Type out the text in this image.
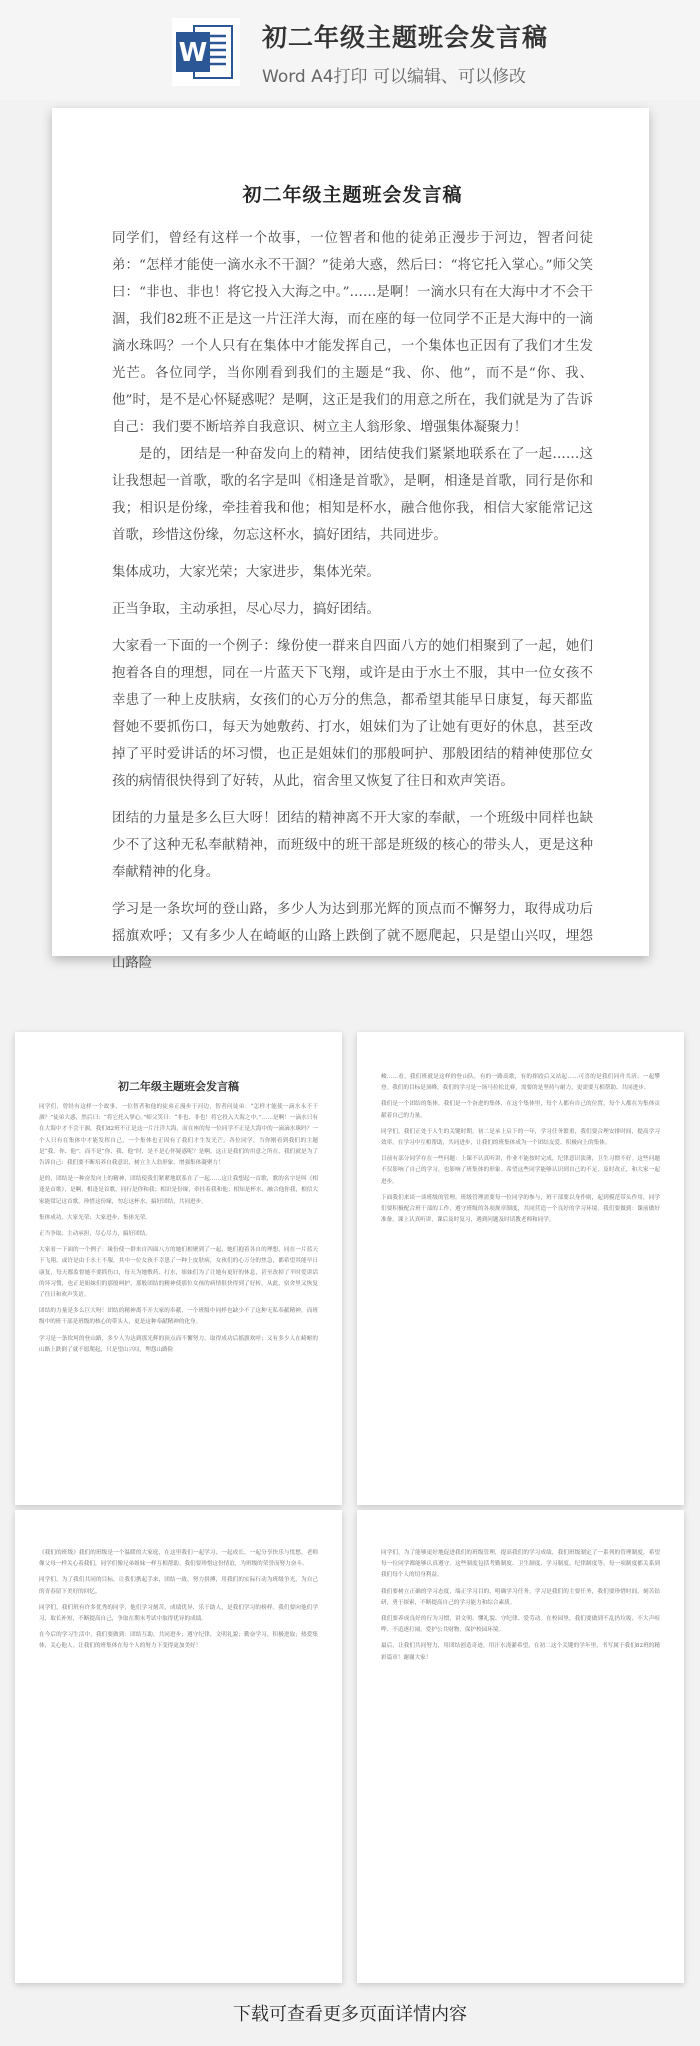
W
初二年级主题班会发言稿
Word A4打印 可以编辑、可以修改
初二年级主题班会发言稿

同学们，曾经有这样一个故事，一位智者和他的徒弟正漫步于河边，智者问徒弟：“怎样才能使一滴水永不干涸？”徒弟大惑，然后曰：“将它托入掌心。”师父笑曰：“非也、非也！将它投入大海之中。”……是啊！一滴水只有在大海中才不会干涸，我们82班不正是这一片汪洋大海，而在座的每一位同学不正是大海中的一滴滴水珠吗？一个人只有在集体中才能发挥自己，一个集体也正因有了我们才生发光芒。各位同学，当你刚看到我们的主题是“我、你、他”，而不是“你、我、他”时，是不是心怀疑惑呢？是啊，这正是我们的用意之所在，我们就是为了告诉自己：我们要不断培养自我意识、树立主人翁形象、增强集体凝聚力！

是的，团结是一种奋发向上的精神，团结使我们紧紧地联系在了一起……这让我想起一首歌，歌的名字是叫《相逢是首歌》，是啊，相逢是首歌，同行是你和我；相识是份缘，牵挂着我和他；相知是杯水，融合他你我，相信大家能常记这首歌，珍惜这份缘，勿忘这杯水，搞好团结，共同进步。

集体成功，大家光荣；大家进步，集体光荣。

正当争取，主动承担，尽心尽力，搞好团结。

大家看一下面的一个例子：缘份使一群来自四面八方的她们相聚到了一起，她们抱着各自的理想，同在一片蓝天下飞翔，或许是由于水土不服，其中一位女孩不幸患了一种上皮肤病，女孩们的心万分的焦急，都希望其能早日康复，每天都监督她不要抓伤口，每天为她敷药、打水，姐妹们为了让她有更好的休息，甚至改掉了平时爱讲话的坏习惯，也正是姐妹们的那般呵护、那般团结的精神使那位女孩的病情很快得到了好转，从此，宿舍里又恢复了往日和欢声笑语。

团结的力量是多么巨大呀！团结的精神离不开大家的奉献，一个班级中同样也缺少不了这种无私奉献精神，而班级中的班干部是班级的核心的带头人，更是这种奉献精神的化身。

学习是一条坎坷的登山路，多少人为达到那光辉的顶点而不懈努力，取得成功后摇旗欢呼；又有多少人在崎岖的山路上跌倒了就不愿爬起，只是望山兴叹，埋怨山路险

初二年级主题班会发言稿

同学们，曾经有这样一个故事，一位智者和他的徒弟正漫步于河边，智者问徒弟：“怎样才能使一滴水永不干涸？”徒弟大惑，然后曰：“将它托入掌心。”师父笑曰：“非也、非也！将它投入大海之中。”……是啊！一滴水只有在大海中才不会干涸，我们82班不正是这一片汪洋大海，而在座的每一位同学不正是大海中的一滴滴水珠吗？一个人只有在集体中才能发挥自己，一个集体也正因有了我们才生发光芒。各位同学，当你刚看到我们的主题是“我、你、他”，而不是“你、我、他”时，是不是心怀疑惑呢？是啊，这正是我们的用意之所在，我们就是为了告诉自己：我们要不断培养自我意识、树立主人翁形象、增强集体凝聚力！

是的，团结是一种奋发向上的精神，团结使我们紧紧地联系在了一起……这让我想起一首歌，歌的名字是叫《相逢是首歌》，是啊，相逢是首歌，同行是你和我；相识是份缘，牵挂着我和他；相知是杯水，融合他你我，相信大家能常记这首歌，珍惜这份缘，勿忘这杯水，搞好团结，共同进步。

集体成功，大家光荣；大家进步，集体光荣。

正当争取，主动承担，尽心尽力，搞好团结。

大家看一下面的一个例子：缘份使一群来自四面八方的她们相聚到了一起，她们抱着各自的理想，同在一片蓝天下飞翔，或许是由于水土不服，其中一位女孩不幸患了一种上皮肤病，女孩们的心万分的焦急，都希望其能早日康复，每天都监督她不要抓伤口，每天为她敷药、打水，姐妹们为了让她有更好的休息，甚至改掉了平时爱讲话的坏习惯，也正是姐妹们的那般呵护、那般团结的精神使那位女孩的病情很快得到了好转，从此，宿舍里又恢复了往日和欢声笑语。

团结的力量是多么巨大呀！团结的精神离不开大家的奉献，一个班级中同样也缺少不了这种无私奉献精神，而班级中的班干部是班级的核心的带头人，更是这种奉献精神的化身。

学习是一条坎坷的登山路，多少人为达到那光辉的顶点而不懈努力，取得成功后摇旗欢呼；又有多少人在崎岖的山路上跌倒了就不愿爬起，只是望山兴叹，埋怨山路险

峻……看，我们班就是这样的登山队，有的一路高歌，有的摔跤后又站起……可喜的是我们同舟共济、一起攀登。我们的目标是顶峰，我们的学习是一场马拉松比赛，需要的是坚持与耐力，更需要互相帮助、共同进步。

我们是一个团结的集体，我们是一个奋进的集体，在这个集体里，每个人都有自己的位置，每个人都在为集体贡献着自己的力量。

同学们，我们正处于人生的关键时期，初二是承上启下的一年，学习任务繁重，我们要合理安排时间，提高学习效率，在学习中互相帮助，共同进步，让我们的班集体成为一个团结友爱、积极向上的集体。

目前有部分同学存在一些问题：上课不认真听讲，作业不能按时完成，纪律意识淡薄，卫生习惯不好。这些问题不仅影响了自己的学习，也影响了班集体的形象。希望这些同学能够认识到自己的不足，及时改正，和大家一起进步。

下面我们来谈一谈班级的管理。班级管理需要每一位同学的参与，班干部要以身作则，起到模范带头作用，同学们要积极配合班干部的工作，遵守班级的各项规章制度，共同营造一个良好的学习环境。我们要做到：课前做好准备，课上认真听讲，课后及时复习，遇到问题及时请教老师和同学。

《我们的班级》我们的班级是一个温暖的大家庭，在这里我们一起学习、一起成长、一起分享快乐与忧愁。老师像父母一样关心着我们，同学们像兄弟姐妹一样互相帮助。我们要珍惜这份情谊，为班级的荣誉而努力奋斗。

同学们，为了我们共同的目标，让我们携起手来，团结一致，努力拼搏，用我们的实际行动为班级争光，为自己的青春留下美好的回忆。

同学们，我们班有许多优秀的同学，他们学习刻苦，成绩优异，乐于助人，是我们学习的榜样。我们要向他们学习，取长补短，不断提高自己，争取在期末考试中取得优异的成绩。

在今后的学习生活中，我们要做到：团结互助，共同进步；遵守纪律，文明礼貌；勤奋学习，积极进取；热爱集体，关心他人。让我们的班集体在每个人的努力下变得更加美好！

同学们，为了能够更好地促进我们的班级管理，提高我们的学习成绩，我们班级制定了一系列的管理制度，希望每一位同学都能够认真遵守。这些制度包括考勤制度、卫生制度、学习制度、纪律制度等，每一项制度都关系到我们每个人的切身利益。

我们要树立正确的学习态度，端正学习目的，明确学习任务。学习是我们的主要任务，我们要珍惜时间，刻苦钻研，勇于探索，不断提高自己的学习能力和综合素质。

我们要养成良好的行为习惯，讲文明、懂礼貌、守纪律、爱劳动。在校园里，我们要做到不乱扔垃圾、不大声喧哗、不追逐打闹，爱护公共财物，保护校园环境。

最后，让我们共同努力，用团结创造奇迹，用汗水浇灌希望，在初二这个关键的学年里，书写属于我们82班的精彩篇章！谢谢大家！

下载可查看更多页面详情内容
